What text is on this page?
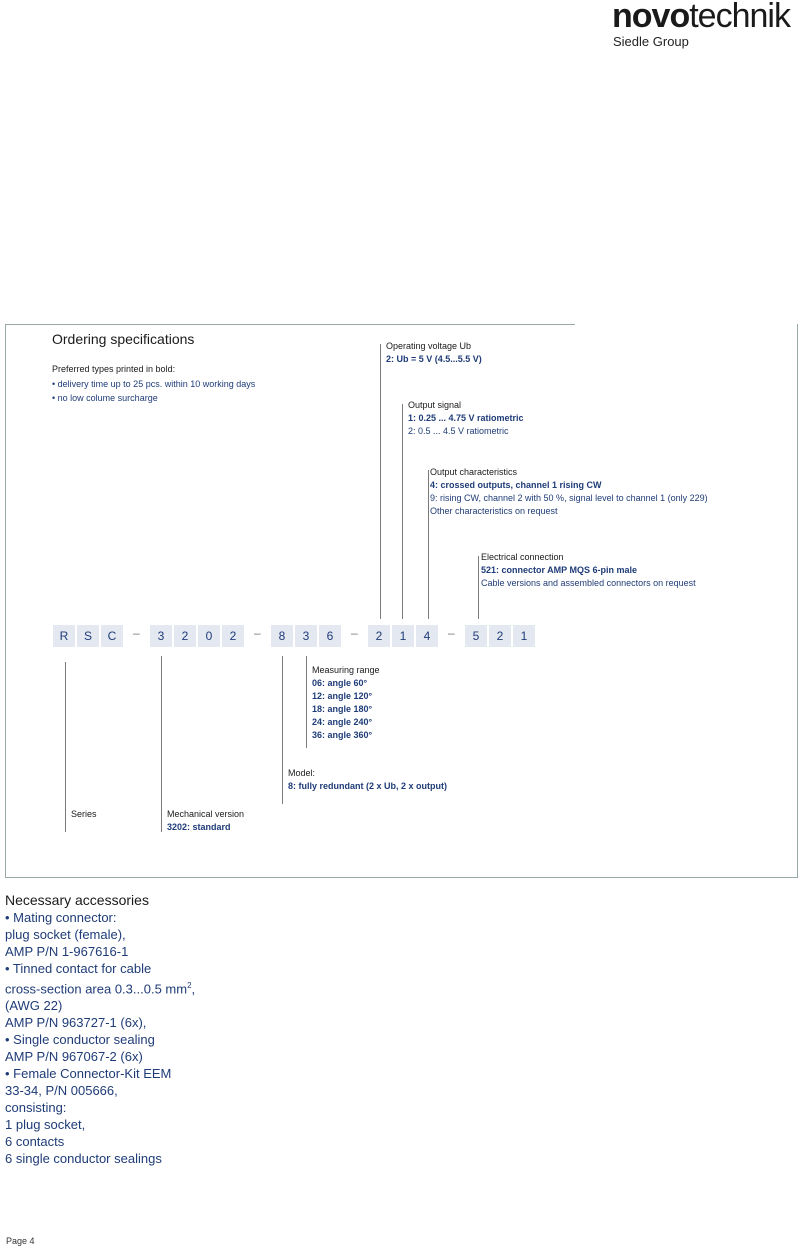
novotechnik
Siedle Group
Ordering specifications
Preferred types printed in bold:
• delivery time up to 25 pcs. within 10 working days
• no low colume surcharge
Operating voltage Ub
2: Ub = 5 V (4.5...5.5 V)
Output signal
1: 0.25 ... 4.75 V ratiometric
2: 0.5 ... 4.5 V ratiometric
Output characteristics
4: crossed outputs, channel 1 rising CW
9: rising CW, channel 2 with 50 %, signal level to channel 1 (only 229)
Other characteristics on request
Electrical connection
521: connector AMP MQS 6-pin male
Cable versions and assembled connectors on request
R	S	C	–	3	2	0	2	–	8	3	6	–	2	1	4	–	5	2	1
Measuring range
06: angle 60°
12: angle 120°
18: angle 180°
24: angle 240°
36: angle 360°
Model:
8: fully redundant (2 x Ub, 2 x output)
Series	Mechanical version
3202: standard
Necessary accessories
• Mating connector:
plug socket (female),
AMP P/N 1-967616-1
• Tinned contact for cable
cross-section area 0.3...0.5 $mm^2$,
(AWG 22)
AMP P/N 963727-1 (6x),
• Single conductor sealing
AMP P/N 967067-2 (6x)
• Female Connector-Kit EEM
33-34, P/N 005666,
consisting:
1 plug socket,
6 contacts
6 single conductor sealings
Page 4
